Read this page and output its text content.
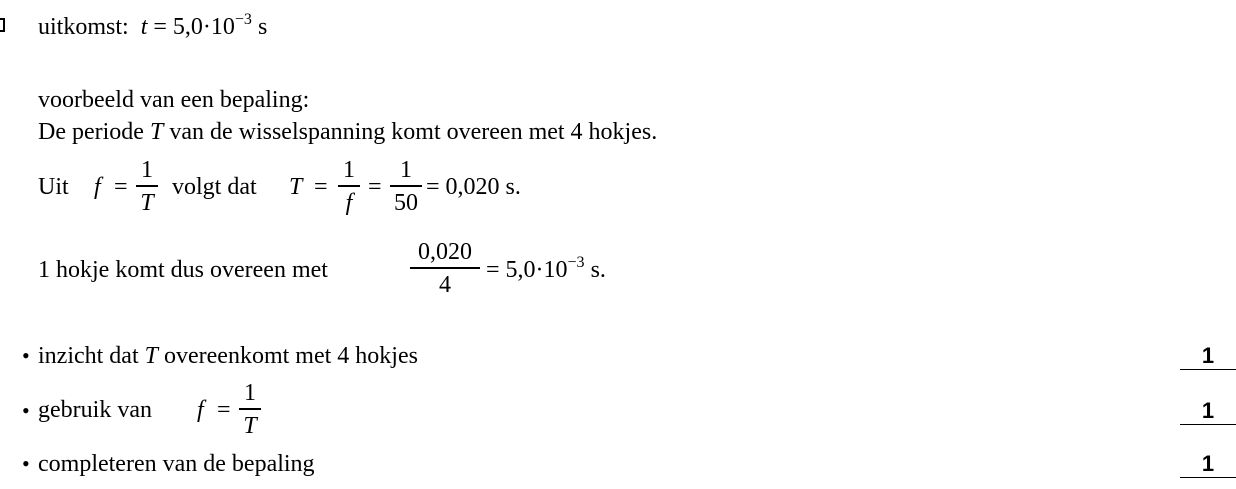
uitkomst: $t = 5,0\cdot 10^{-3}$ s
voorbeeld van een bepaling:
De periode T van de wisselspanning komt overeen met 4 hokjes.
Uit f =
1
T
volgt dat T =
1
f
=
1
50
= 0,020 s.
1 hokje komt dus overeen met
0,020
4
= $5,0\cdot 10^{-3}$ s.
• inzicht dat T overeenkomt met 4 hokjes	1
• gebruik van f =
1
T
1
• completeren van de bepaling	1
